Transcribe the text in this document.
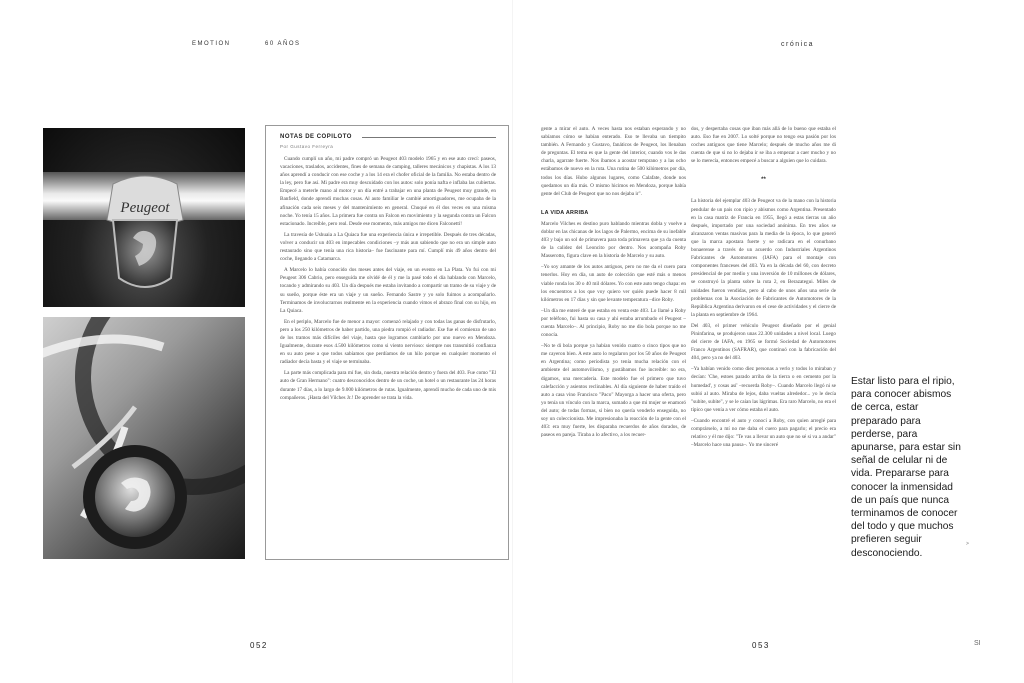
EMOTION	60 AÑOS	crónica
Peugeot
NOTAS DE COPILOTO
Por Gustavo Ferreyra

Cuando cumplí un año, mi padre compró un Peugeot 403 modelo 1965 y en ese auto crecí: paseos, vacaciones, traslados, accidentes, fines de semana de camping, talleres mecánicos y chapistas. A los 13 años aprendí a conducir con ese coche y a los 14 era el chofer oficial de la familia. No estaba dentro de la ley, pero fue así. Mi padre era muy descuidado con los autos: solo ponía nafta e inflaba las cubiertas. Empecé a meterle mano al motor y un día entré a trabajar en una planta de Peugeot muy grande, en Banfield, donde aprendí muchas cosas. Al auto familiar le cambié amortiguadores, me ocupaba de la afinación cada seis meses y del mantenimiento en general. Chuqué en él dos veces en una misma noche. Yo tenía 15 años. La primera fue contra un Falcon en movimiento y la segunda contra un Falcon estacionado. Increíble, pero real. Desde ese momento, más amigos me dicen Falconetti!

La travesía de Ushuaia a La Quiaca fue una experiencia única e irrepetible. Después de tres décadas, volver a conducir un 403 en impecables condiciones –y más aun sabiendo que no era un simple auto restaurado sino que tenía una rica historia– fue fascinante para mí. Cumplí mis 49 años dentro del coche, llegando a Catamarca.

A Marcelo lo había conocido dos meses antes del viaje, en un evento en La Plata. Yo fui con mi Peugeot 306 Cabrio, pero enseguida me olvidé de él y me la pasé todo el día hablando con Marcelo, tocando y admirando su 403. Un día después me estaba invitando a compartir un tramo de su viaje y de su sueño, porque éste era un viaje y un sueño. Fernando Sastre y yo solo fuimos a acompañarlo. Terminamos de involucrarnos realmente en la experiencia cuando vimos el abrazo final con su hijo, en La Quiaca.

En el periplo, Marcelo fue de menor a mayor: comenzó relajado y con todas las ganas de disfrutarlo, pero a los 250 kilómetros de haber partido, una piedra rompió el radiador. Ese fue el comienzo de uno de los tramos más difíciles del viaje, hasta que logramos cambiarlo por uno nuevo en Mendoza. Igualmente, durante esos 4.500 kilómetros como si viento nervioso: siempre nos transmitió confianza en su auto pese a que todos sabíamos que perdíamos de un hilo porque en cualquier momento el radiador decía basta y el viaje se terminaba.

La parte más complicada para mí fue, sin duda, nuestra relación dentro y fuera del 403. Fue como "El auto de Gran Hermano": cuatro desconocidos dentro de un coche, un hotel o un restaurante las 24 horas durante 17 días, a lo largo de 9.000 kilómetros de rutas. Igualmente, aprendí mucho de cada uno de mis compañeros. ¡Hasta del Vilches Jr.! De aprender se trata la vida.

gente a mirar el auto. A veces hasta nos estaban esperando y no sabíamos cómo se habían enterado. Eso te llevaba un tiempito también. A Fernando y Gustavo, fanáticos de Peugeot, los llenaban de preguntas. El tema es que la gente del interior, cuando vos le das charla, agarrate fuerte. Nos íbamos a acostar temprano y a las ocho estábamos de nuevo en la ruta. Una rutina de 500 kilómetros por día, todos los días. Hubo algunos lugares, como Calafate, donde nos quedamos un día más. O mismo hicimos en Mendoza, porque había gente del Club de Peugeot que no nos dejaba ir".

LA VIDA ARRIBA

Marcelo Vilches es destino puro hablando mientras dobla y vuelve a doblar en las chicanas de los lagos de Palermo, encima de su inefable 403 y bajo un sol de primavera para toda primavera que ya da cuenta de la calidez del Leoncito por dentro. Nos acompaña Roby Masserotto, figura clave en la historia de Marcelo y su auto.

–Yo soy amante de los autos antiguos, pero no me da el cuero para tenerlos. Hoy en día, un auto de colección que esté más o menos viable ronda los 30 o 40 mil dólares. Yo con este auto tengo chapa: en los encuentros a los que voy quiero ver quién puede hacer 8 mil kilómetros en 17 días y sin que levante temperatura –dice Roby.

–Un día me enteré de que estaba en venta este 403. Lo llamé a Roby por teléfono, fui hasta su casa y ahí estaba arrumbado el Peugeot –cuenta Marcelo–. Al principio, Roby no me dio bola porque no me conocía.

–No te di bola porque ya habían venido cuatro o cinco tipos que no me cayeron bien. A este auto lo regalaron por los 50 años de Peugeot en Argentina; como periodista yo tenía mucha relación con el ambiente del automovilismo, y gustábamos fue increíble: no era, digamos, una mercadería. Este modelo fue el primero que tuvo calefacción y asientos reclinables. Al día siguiente de haber traído el auto a casa vino Francisco "Paco" Mayorga a hacer una oferta, pero yo tenía un vínculo con la marca, sumado a que mi mujer se enamoró del auto; de todas formas, si bien no quería venderlo enseguida, no soy un coleccionista. Me impresionaba la reacción de la gente con el 403: era muy fuerte, les disparaba recuerdos de años dorados, de paseos en pareja. Tiraba a lo afectivo, a los recuer-

dos, y despertaba cosas que iban más allá de lo bueno que estaba el auto. Eso fue en 2007. Lo solté porque no tengo esa pasión por los coches antiguos que tiene Marcelo; después de mucho años me di cuenta de que si no lo dejaba ir se iba a empezar a caer mucho y no se lo merecía, entonces empecé a buscar a alguien que lo cuidara.

**

La historia del ejemplar 403 de Peugeot va de la mano con la historia pendular de un país con ripio y abismos como Argentina. Presentado en la casa matriz de Francia en 1955, llegó a estas tierras un año después, importado por una sociedad anónima. En tres años se alcanzaron ventas masivas para la media de la época, lo que generó que la marca apostara fuerte y se radicara en el conurbano bonaerense a través de un acuerdo con Industriales Argentinos Fabricantes de Automotores (IAFA) para el montaje con componentes franceses del 403. Ya en la década del 60, con decreto presidencial de por medio y una inversión de 10 millones de dólares, se construyó la planta sobre la ruta 2, en Berazategui. Miles de unidades fueron vendidas, pero al cabo de unos años una serie de problemas con la Asociación de Fabricantes de Automotores de la República Argentina derivaron en el cese de actividades y el cierre de la planta en septiembre de 1964.

Del 403, el primer vehículo Peugeot diseñado por el genial Pininfarina, se produjeron unas 22.300 unidades a nivel local. Luego del cierre de IAFA, en 1965 se formó Sociedad de Automotores Franco Argentinos (SAFRAR), que continuó con la fabricación del 404, pero ya no del 403.

–Ya habían venido como diez personas a verlo y todos lo miraban y decían: 'Che, estoes parado arriba de la tierra o en cemento por la humedad', y cosas así' –recuerda Roby–. Cuando Marcelo llegó ni se subió al auto. Miraba de lejos, daba vueltas alrededor... yo le decía "subite, subite", y se le caían las lágrimas. Era raro Marcelo, no era el típico que venía a ver cómo estaba el auto.

–Cuando encontré el auto y conocí a Roby, con quien arreglé para comprárselo, a mí no me daba el cuero para pagarlo; el precio era relativo y él me dijo: "Te vas a llevar un auto que no sé si va a andar" –Marcelo hace una pausa–. Yo me sinceré

Estar listo para el ripio, para conocer abismos de cerca, estar preparado para perderse, para apunarse, para estar sin señal de celular ni de vida. Prepararse para conocer la inmensidad de un país que nunca terminamos de conocer del todo y que muchos prefieren seguir desconociendo.
>
052	053	SI
